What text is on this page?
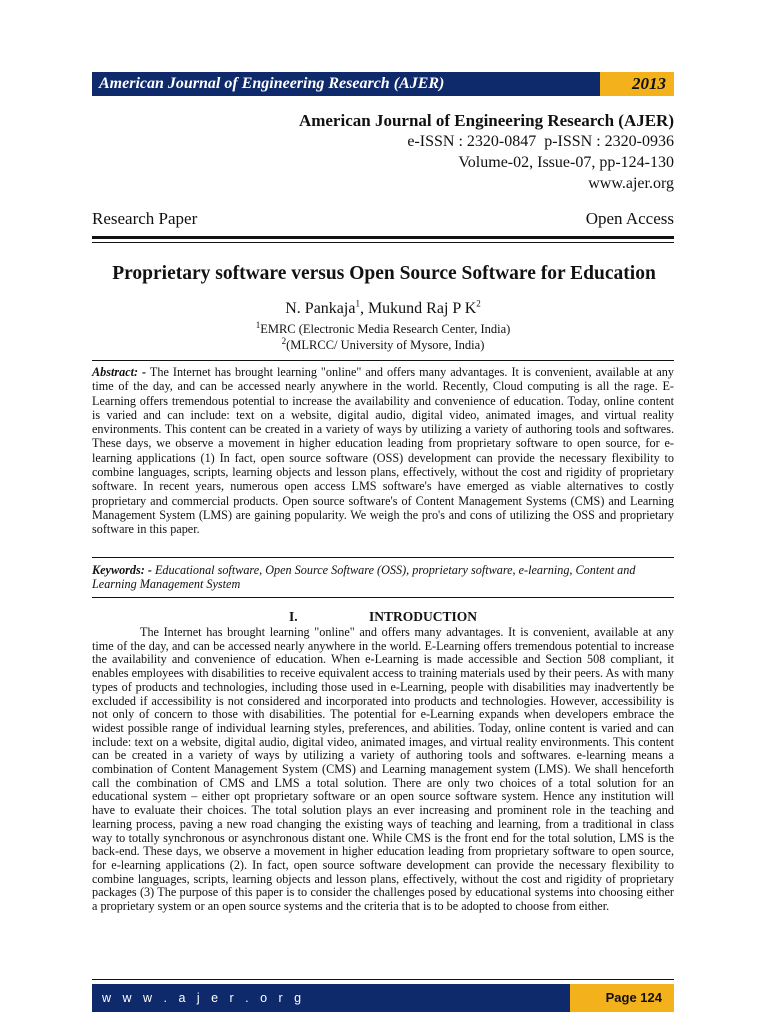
American Journal of Engineering Research (AJER)	2013
American Journal of Engineering Research (AJER)
e-ISSN : 2320-0847  p-ISSN : 2320-0936
Volume-02, Issue-07, pp-124-130
www.ajer.org
Research Paper	Open Access
Proprietary software versus Open Source Software for Education
N. Pankaja$^1$, Mukund Raj P $K^2$
$^1$EMRC (Electronic Media Research Center, India)
$^2$(MLRCC/ University of Mysore, India)
Abstract: - The Internet has brought learning "online" and offers many advantages. It is convenient, available at any time of the day, and can be accessed nearly anywhere in the world. Recently, Cloud computing is all the rage. E-Learning offers tremendous potential to increase the availability and convenience of education. Today, online content is varied and can include: text on a website, digital audio, digital video, animated images, and virtual reality environments. This content can be created in a variety of ways by utilizing a variety of authoring tools and softwares. These days, we observe a movement in higher education leading from proprietary software to open source, for e-learning applications (1) In fact, open source software (OSS) development can provide the necessary flexibility to combine languages, scripts, learning objects and lesson plans, effectively, without the cost and rigidity of proprietary software. In recent years, numerous open access LMS software's have emerged as viable alternatives to costly proprietary and commercial products. Open source software's of Content Management Systems (CMS) and Learning Management System (LMS) are gaining popularity. We weigh the pro's and cons of utilizing the OSS and proprietary software in this paper.
Keywords: - Educational software, Open Source Software (OSS), proprietary software, e-learning, Content and Learning Management System
I.	INTRODUCTION
The Internet has brought learning "online" and offers many advantages. It is convenient, available at any time of the day, and can be accessed nearly anywhere in the world. E-Learning offers tremendous potential to increase the availability and convenience of education. When e-Learning is made accessible and Section 508 compliant, it enables employees with disabilities to receive equivalent access to training materials used by their peers. As with many types of products and technologies, including those used in e-Learning, people with disabilities may inadvertently be excluded if accessibility is not considered and incorporated into products and technologies. However, accessibility is not only of concern to those with disabilities. The potential for e-Learning expands when developers embrace the widest possible range of individual learning styles, preferences, and abilities. Today, online content is varied and can include: text on a website, digital audio, digital video, animated images, and virtual reality environments. This content can be created in a variety of ways by utilizing a variety of authoring tools and softwares. e-learning means a combination of Content Management System (CMS) and Learning management system (LMS). We shall henceforth call the combination of CMS and LMS a total solution. There are only two choices of a total solution for an educational system – either opt proprietary software or an open source software system. Hence any institution will have to evaluate their choices. The total solution plays an ever increasing and prominent role in the teaching and learning process, paving a new road changing the existing ways of teaching and learning, from a traditional in class way to totally synchronous or asynchronous distant one. While CMS is the front end for the total solution, LMS is the back-end. These days, we observe a movement in higher education leading from proprietary software to open source, for e-learning applications (2). In fact, open source software development can provide the necessary flexibility to combine languages, scripts, learning objects and lesson plans, effectively, without the cost and rigidity of proprietary packages (3) The purpose of this paper is to consider the challenges posed by educational systems into choosing either a proprietary system or an open source systems and the criteria that is to be adopted to choose from either.
w w w . a j e r . o r g	Page 124
